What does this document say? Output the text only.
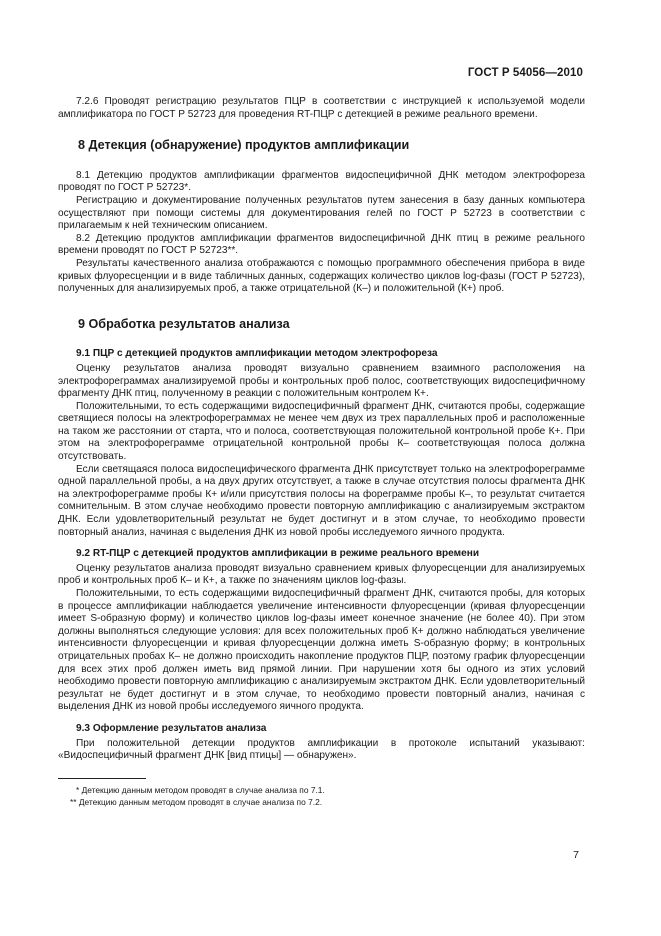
ГОСТ Р 54056—2010

7.2.6 Проводят регистрацию результатов ПЦР в соответствии с инструкцией к используемой модели амплификатора по ГОСТ Р 52723 для проведения RT-ПЦР с детекцией в режиме реального времени.

8 Детекция (обнаружение) продуктов амплификации

8.1 Детекцию продуктов амплификации фрагментов видоспецифичной ДНК методом электрофореза проводят по ГОСТ Р 52723*.

Регистрацию и документирование полученных результатов путем занесения в базу данных компьютера осуществляют при помощи системы для документирования гелей по ГОСТ Р 52723 в соответствии с прилагаемым к ней техническим описанием.

8.2 Детекцию продуктов амплификации фрагментов видоспецифичной ДНК птиц в режиме реального времени проводят по ГОСТ Р 52723**.

Результаты качественного анализа отображаются с помощью программного обеспечения прибора в виде кривых флуоресценции и в виде табличных данных, содержащих количество циклов log-фазы (ГОСТ Р 52723), полученных для анализируемых проб, а также отрицательной (К–) и положительной (К+) проб.

9 Обработка результатов анализа
9.1 ПЦР с детекцией продуктов амплификации методом электрофореза

Оценку результатов анализа проводят визуально сравнением взаимного расположения на электрофореграммах анализируемой пробы и контрольных проб полос, соответствующих видоспецифичному фрагменту ДНК птиц, полученному в реакции с положительным контролем К+.

Положительными, то есть содержащими видоспецифичный фрагмент ДНК, считаются пробы, содержащие светящиеся полосы на электрофореграммах не менее чем двух из трех параллельных проб и расположенные на таком же расстоянии от старта, что и полоса, соответствующая положительной контрольной пробе К+. При этом на электрофореграмме отрицательной контрольной пробы К– соответствующая полоса должна отсутствовать.

Если светящаяся полоса видоспецифического фрагмента ДНК присутствует только на электрофореграмме одной параллельной пробы, а на двух других отсутствует, а также в случае отсутствия полосы фрагмента ДНК на электрофореграмме пробы К+ и/или присутствия полосы на фореграмме пробы К–, то результат считается сомнительным. В этом случае необходимо провести повторную амплификацию с анализируемым экстрактом ДНК. Если удовлетворительный результат не будет достигнут и в этом случае, то необходимо провести повторный анализ, начиная с выделения ДНК из новой пробы исследуемого яичного продукта.

9.2 RT-ПЦР с детекцией продуктов амплификации в режиме реального времени

Оценку результатов анализа проводят визуально сравнением кривых флуоресценции для анализируемых проб и контрольных проб К– и К+, а также по значениям циклов log-фазы.

Положительными, то есть содержащими видоспецифичный фрагмент ДНК, считаются пробы, для которых в процессе амплификации наблюдается увеличение интенсивности флуоресценции (кривая флуоресценции имеет S-образную форму) и количество циклов log-фазы имеет конечное значение (не более 40). При этом должны выполняться следующие условия: для всех положительных проб К+ должно наблюдаться увеличение интенсивности флуоресценции и кривая флуоресценции должна иметь S-образную форму; в контрольных отрицательных пробах К– не должно происходить накопление продуктов ПЦР, поэтому график флуоресценции для всех этих проб должен иметь вид прямой линии. При нарушении хотя бы одного из этих условий необходимо провести повторную амплификацию с анализируемым экстрактом ДНК. Если удовлетворительный результат не будет достигнут и в этом случае, то необходимо провести повторный анализ, начиная с выделения ДНК из новой пробы исследуемого яичного продукта.

9.3 Оформление результатов анализа

При положительной детекции продуктов амплификации в протоколе испытаний указывают: «Видоспецифичный фрагмент ДНК [вид птицы] — обнаружен».

* Детекцию данным методом проводят в случае анализа по 7.1.
** Детекцию данным методом проводят в случае анализа по 7.2.
7
